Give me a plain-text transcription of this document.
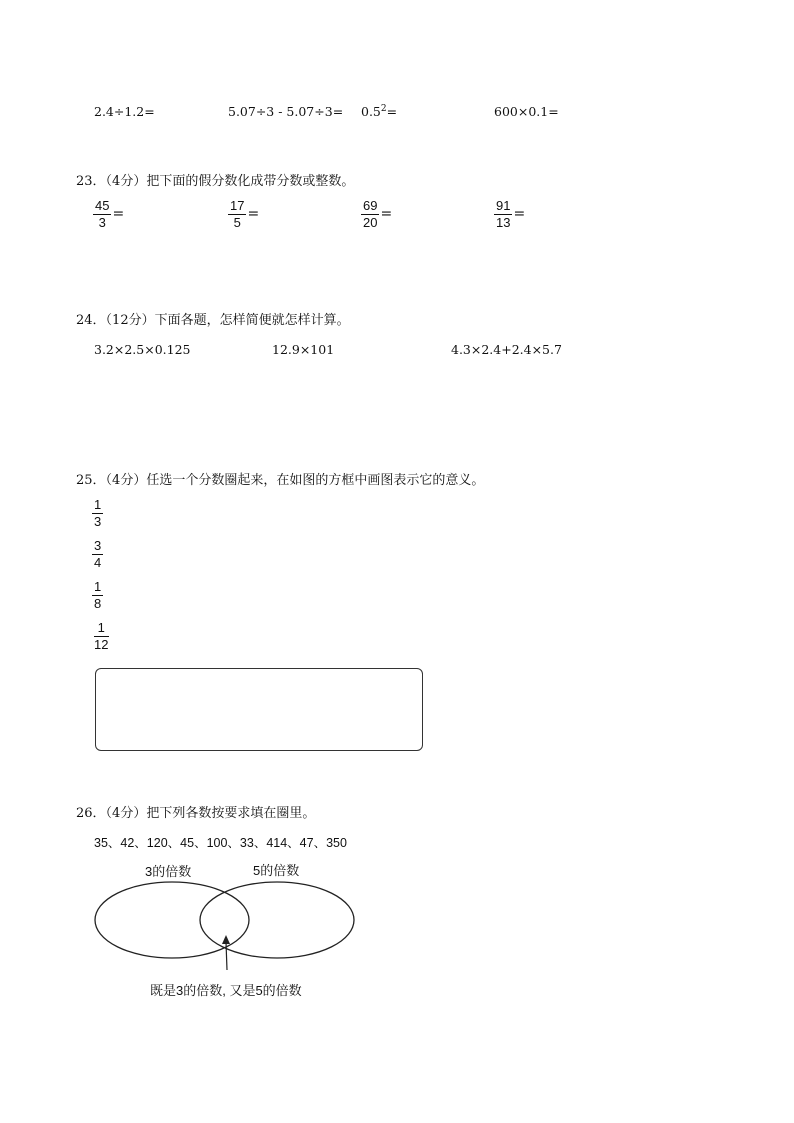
2.4÷1.2=	$5.07\div 3 - 5.07\div 3= 0.5^2=$	600×0.1=
23．（4分）把下面的假分数化成带分数或整数。
$\frac{45}{3}$ =	$\frac{17}{5}$ =	$\frac{69}{20}$ =	$\frac{91}{13}$ =
24．（12分）下面各题，怎样简便就怎样计算。
3.2×2.5×0.125	12.9×101	4.3×2.4+2.4×5.7
25．（4分）任选一个分数圈起来，在如图的方框中画图表示它的意义。
$\frac{1}{3}$
$\frac{3}{4}$
$\frac{1}{8}$
$\frac{1}{12}$
26．（4分）把下列各数按要求填在圈里。
35、42、120、45、100、33、414、47、350
3的倍数	5的倍数
既是3的倍数, 又是5的倍数
